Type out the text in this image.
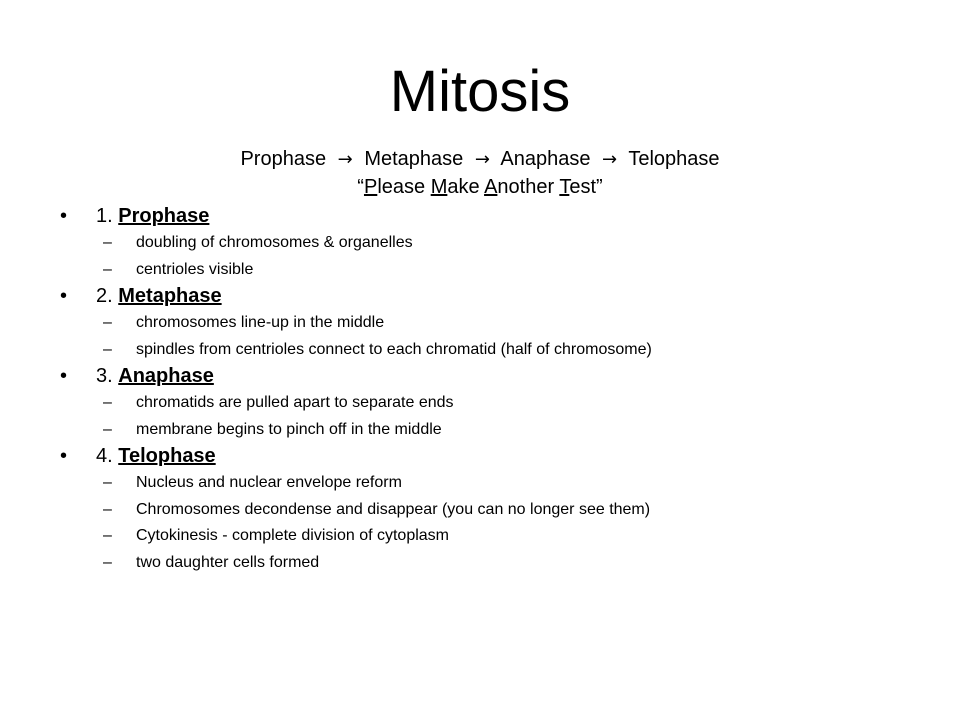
Mitosis
Prophase → Metaphase → Anaphase → Telophase
“Please Make Another Test”
• 1. Prophase
– doubling of chromosomes & organelles
– centrioles visible
• 2. Metaphase
– chromosomes line-up in the middle
– spindles from centrioles connect to each chromatid (half of chromosome)
• 3. Anaphase
– chromatids are pulled apart to separate ends
– membrane begins to pinch off in the middle
• 4. Telophase
– Nucleus and nuclear envelope reform
– Chromosomes decondense and disappear (you can no longer see them)
– Cytokinesis - complete division of cytoplasm
– two daughter cells formed
